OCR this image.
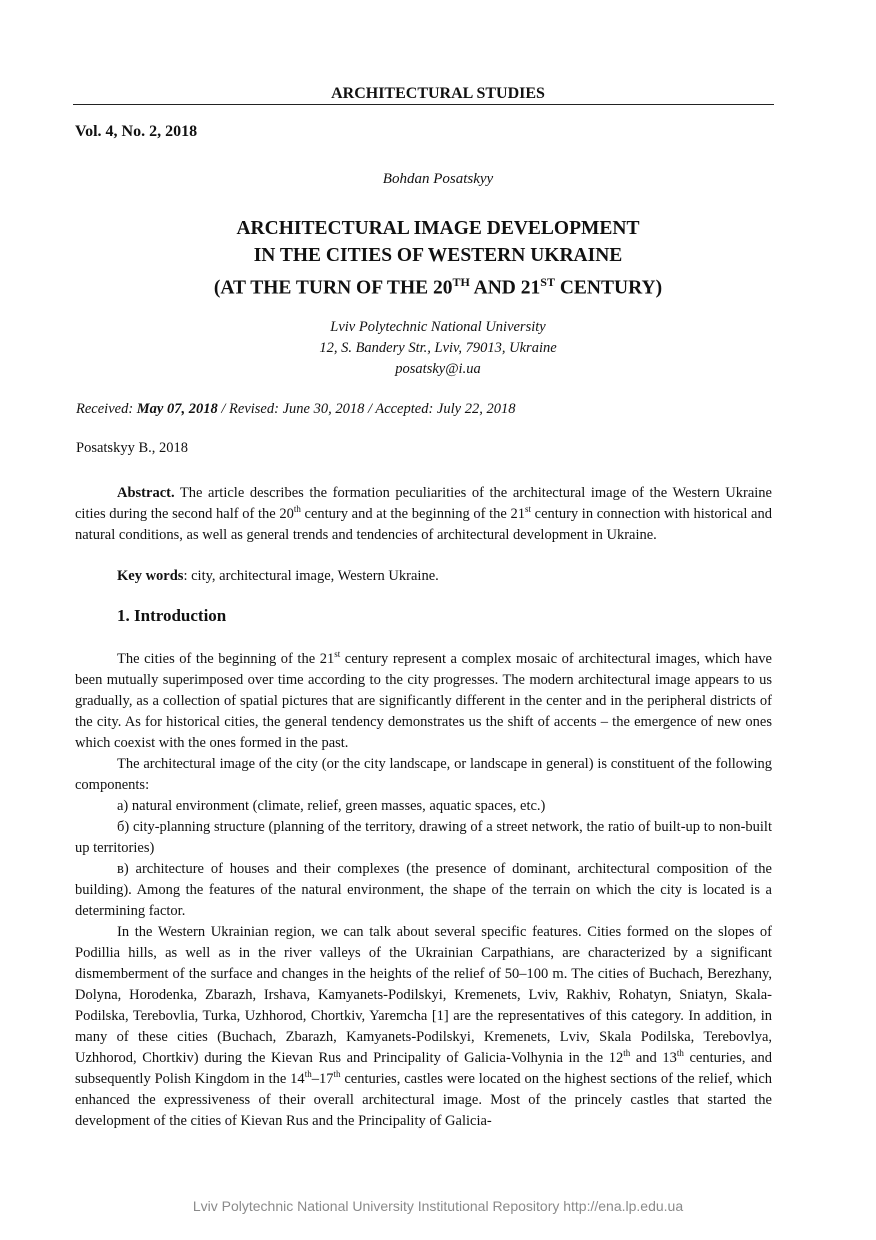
ARCHITECTURAL STUDIES
Vol. 4, No. 2, 2018
Bohdan Posatskyy
ARCHITECTURAL IMAGE DEVELOPMENT
IN THE CITIES OF WESTERN UKRAINE
(AT THE TURN OF THE 20TH AND 21ST CENTURY)
Lviv Polytechnic National University
12, S. Bandery Str., Lviv, 79013, Ukraine
posatsky@i.ua
Received: May 07, 2018 / Revised: June 30, 2018 / Accepted: July 22, 2018
Posatskyy B., 2018
Abstract. The article describes the formation peculiarities of the architectural image of the Western Ukraine cities during the second half of the 20th century and at the beginning of the 21st century in connection with historical and natural conditions, as well as general trends and tendencies of architectural development in Ukraine.
Key words: city, architectural image, Western Ukraine.
1. Introduction

The cities of the beginning of the 21st century represent a complex mosaic of architectural images, which have been mutually superimposed over time according to the city progresses. The modern architectural image appears to us gradually, as a collection of spatial pictures that are significantly different in the center and in the peripheral districts of the city. As for historical cities, the general tendency demonstrates us the shift of accents – the emergence of new ones which coexist with the ones formed in the past.

The architectural image of the city (or the city landscape, or landscape in general) is constituent of the following components:

а) natural environment (climate, relief, green masses, aquatic spaces, etc.)

б) city-planning structure (planning of the territory, drawing of a street network, the ratio of built-up to non-built up territories)

в) architecture of houses and their complexes (the presence of dominant, architectural composition of the building). Among the features of the natural environment, the shape of the terrain on which the city is located is a determining factor.

In the Western Ukrainian region, we can talk about several specific features. Cities formed on the slopes of Podillia hills, as well as in the river valleys of the Ukrainian Carpathians, are characterized by a significant dismemberment of the surface and changes in the heights of the relief of 50–100 m. The cities of Buchach, Berezhany, Dolyna, Horodenka, Zbarazh, Irshava, Kamyanets-Podilskyi, Kremenets, Lviv, Rakhiv, Rohatyn, Sniatyn, Skala-Podilska, Terebovlia, Turka, Uzhhorod, Chortkiv, Yaremcha [1] are the representatives of this category. In addition, in many of these cities (Buchach, Zbarazh, Kamyanets-Podilskyi, Kremenets, Lviv, Skala Podilska, Terebovlya, Uzhhorod, Chortkiv) during the Kievan Rus and Principality of Galicia-Volhynia in the 12th and 13th centuries, and subsequently Polish Kingdom in the 14th–17th centuries, castles were located on the highest sections of the relief, which enhanced the expressiveness of their overall architectural image. Most of the princely castles that started the development of the cities of Kievan Rus and the Principality of Galicia-

Lviv Polytechnic National University Institutional Repository http://ena.lp.edu.ua
